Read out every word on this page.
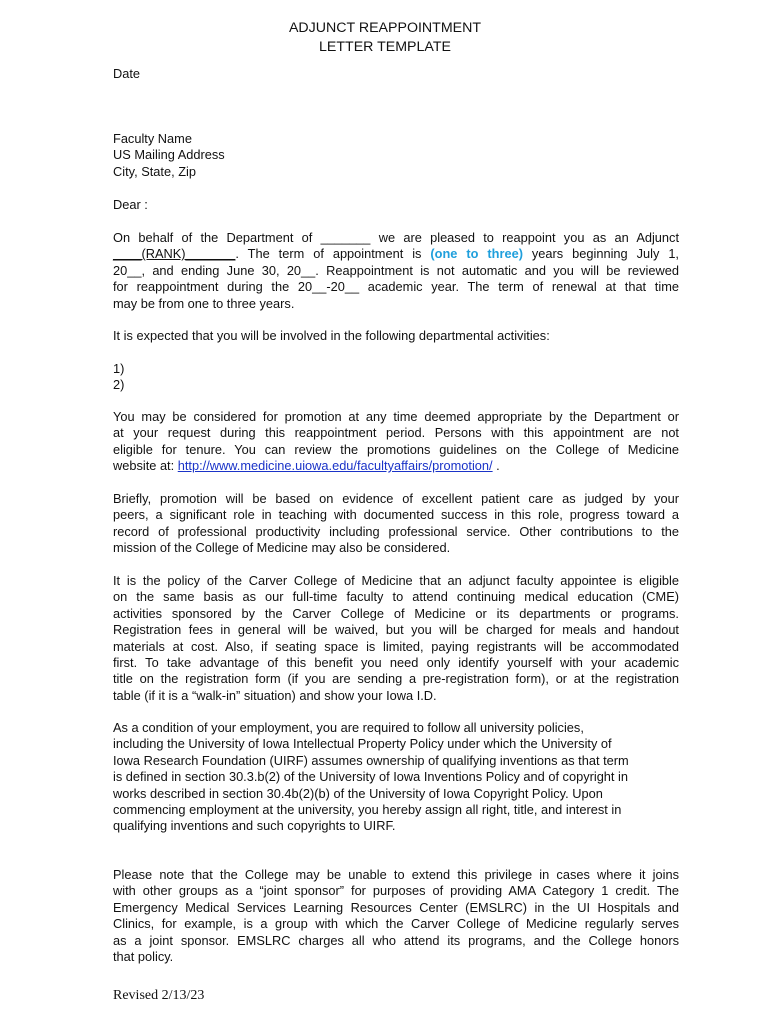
ADJUNCT REAPPOINTMENT
LETTER TEMPLATE
Date
Faculty Name
US Mailing Address
City, State, Zip
Dear :
On behalf of the Department of _______ we are pleased to reappoint you as an Adjunct
____(RANK)_______. The term of appointment is (one to three) years beginning July 1,
20__, and ending June 30, 20__. Reappointment is not automatic and you will be reviewed
for reappointment during the 20__-20__ academic year. The term of renewal at that time
may be from one to three years.
It is expected that you will be involved in the following departmental activities:
1)
2)
You may be considered for promotion at any time deemed appropriate by the Department or
at your request during this reappointment period. Persons with this appointment are not
eligible for tenure. You can review the promotions guidelines on the College of Medicine
website at: http://www.medicine.uiowa.edu/facultyaffairs/promotion/ .
Briefly, promotion will be based on evidence of excellent patient care as judged by your
peers, a significant role in teaching with documented success in this role, progress toward a
record of professional productivity including professional service. Other contributions to the
mission of the College of Medicine may also be considered.
It is the policy of the Carver College of Medicine that an adjunct faculty appointee is eligible
on the same basis as our full-time faculty to attend continuing medical education (CME)
activities sponsored by the Carver College of Medicine or its departments or programs.
Registration fees in general will be waived, but you will be charged for meals and handout
materials at cost. Also, if seating space is limited, paying registrants will be accommodated
first. To take advantage of this benefit you need only identify yourself with your academic
title on the registration form (if you are sending a pre-registration form), or at the registration
table (if it is a “walk-in” situation) and show your Iowa I.D.
As a condition of your employment, you are required to follow all university policies,
including the University of Iowa Intellectual Property Policy under which the University of
Iowa Research Foundation (UIRF) assumes ownership of qualifying inventions as that term
is defined in section 30.3.b(2) of the University of Iowa Inventions Policy and of copyright in
works described in section 30.4b(2)(b) of the University of Iowa Copyright Policy. Upon
commencing employment at the university, you hereby assign all right, title, and interest in
qualifying inventions and such copyrights to UIRF.
Please note that the College may be unable to extend this privilege in cases where it joins
with other groups as a “joint sponsor” for purposes of providing AMA Category 1 credit. The
Emergency Medical Services Learning Resources Center (EMSLRC) in the UI Hospitals and
Clinics, for example, is a group with which the Carver College of Medicine regularly serves
as a joint sponsor. EMSLRC charges all who attend its programs, and the College honors
that policy.
Revised 2/13/23
